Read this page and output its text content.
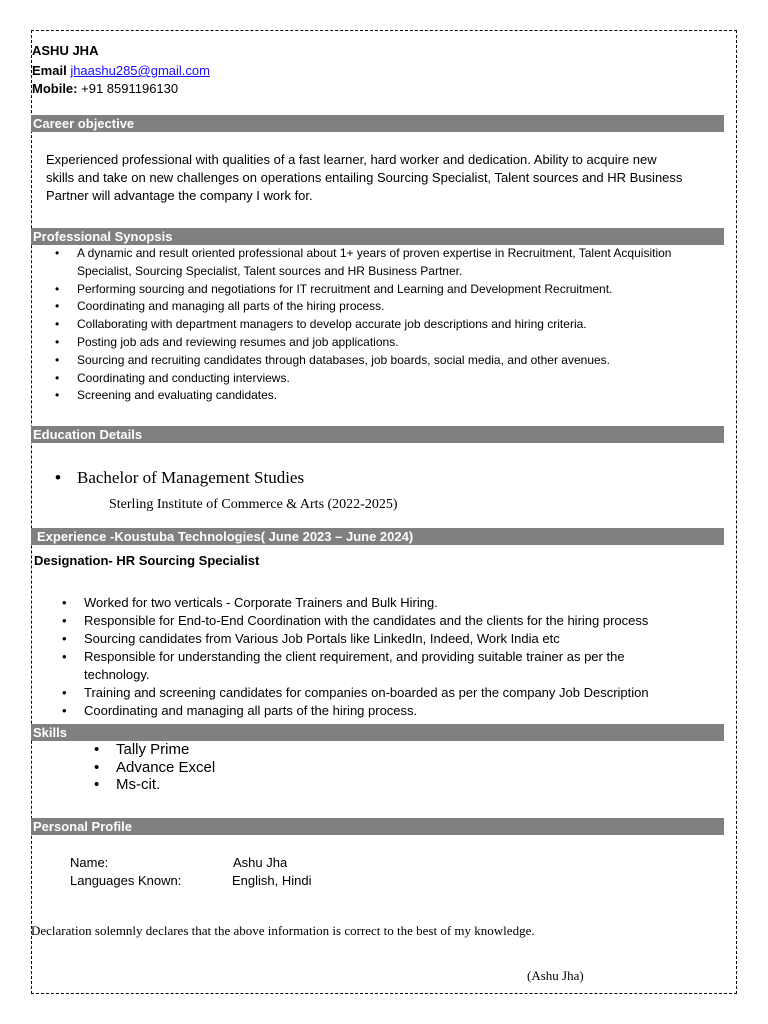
ASHU JHA
Email jhaashu285@gmail.com
Mobile: +91 8591196130
Career objective
Experienced professional with qualities of a fast learner, hard worker and dedication. Ability to acquire new
skills and take on new challenges on operations entailing Sourcing Specialist, Talent sources and HR Business
Partner will advantage the company I work for.
Professional Synopsis
• A dynamic and result oriented professional about 1+ years of proven expertise in Recruitment, Talent Acquisition
Specialist, Sourcing Specialist, Talent sources and HR Business Partner.
• Performing sourcing and negotiations for IT recruitment and Learning and Development Recruitment.
• Coordinating and managing all parts of the hiring process.
• Collaborating with department managers to develop accurate job descriptions and hiring criteria.
• Posting job ads and reviewing resumes and job applications.
• Sourcing and recruiting candidates through databases, job boards, social media, and other avenues.
• Coordinating and conducting interviews.
• Screening and evaluating candidates.
Education Details
• Bachelor of Management Studies
Sterling Institute of Commerce & Arts (2022-2025)
Experience -Koustuba Technologies( June 2023 – June 2024)
Designation- HR Sourcing Specialist
• Worked for two verticals - Corporate Trainers and Bulk Hiring.
• Responsible for End-to-End Coordination with the candidates and the clients for the hiring process
• Sourcing candidates from Various Job Portals like LinkedIn, Indeed, Work India etc
• Responsible for understanding the client requirement, and providing suitable trainer as per the
technology.
• Training and screening candidates for companies on-boarded as per the company Job Description
• Coordinating and managing all parts of the hiring process.
Skills
• Tally Prime
• Advance Excel
• Ms-cit.
Personal Profile
Name:	Ashu Jha
Languages Known:	English, Hindi
Declaration solemnly declares that the above information is correct to the best of my knowledge.
(Ashu Jha)
